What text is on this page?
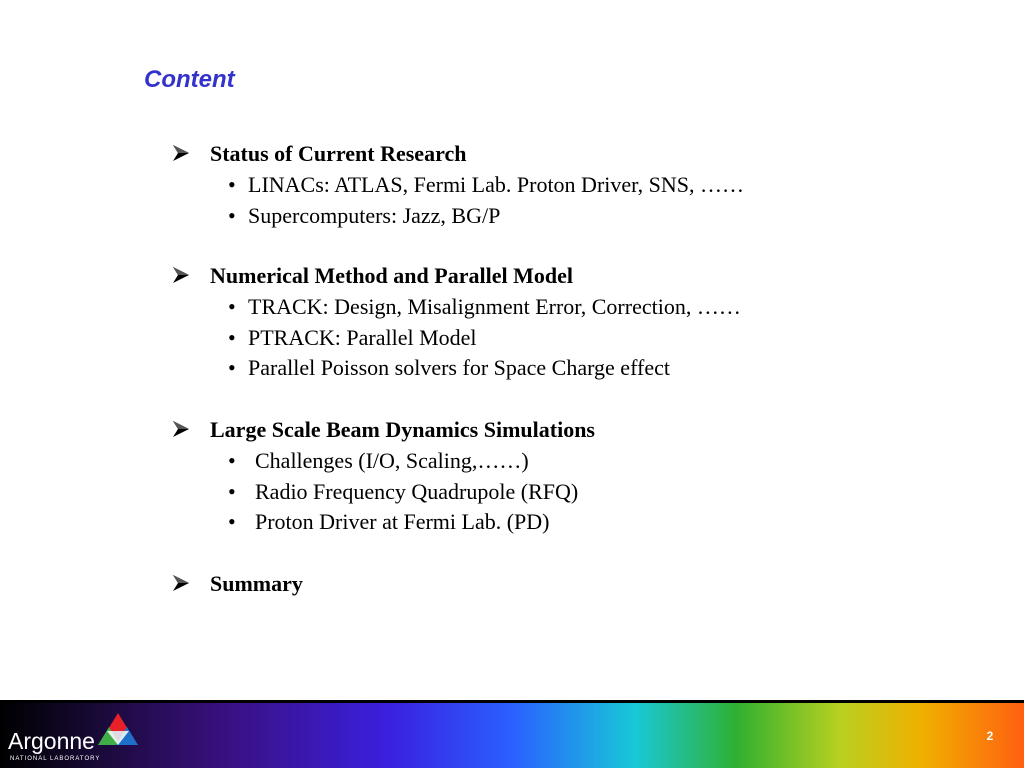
Content
Status of Current Research
• LINACs: ATLAS, Fermi Lab. Proton Driver, SNS, ……
• Supercomputers: Jazz, BG/P
Numerical Method and Parallel Model
• TRACK: Design, Misalignment Error, Correction, ……
• PTRACK: Parallel Model
• Parallel Poisson solvers for Space Charge effect
Large Scale Beam Dynamics Simulations
• Challenges (I/O, Scaling,……)
• Radio Frequency Quadrupole (RFQ)
• Proton Driver at Fermi Lab. (PD)
Summary
Argonne
NATIONAL LABORATORY
2
